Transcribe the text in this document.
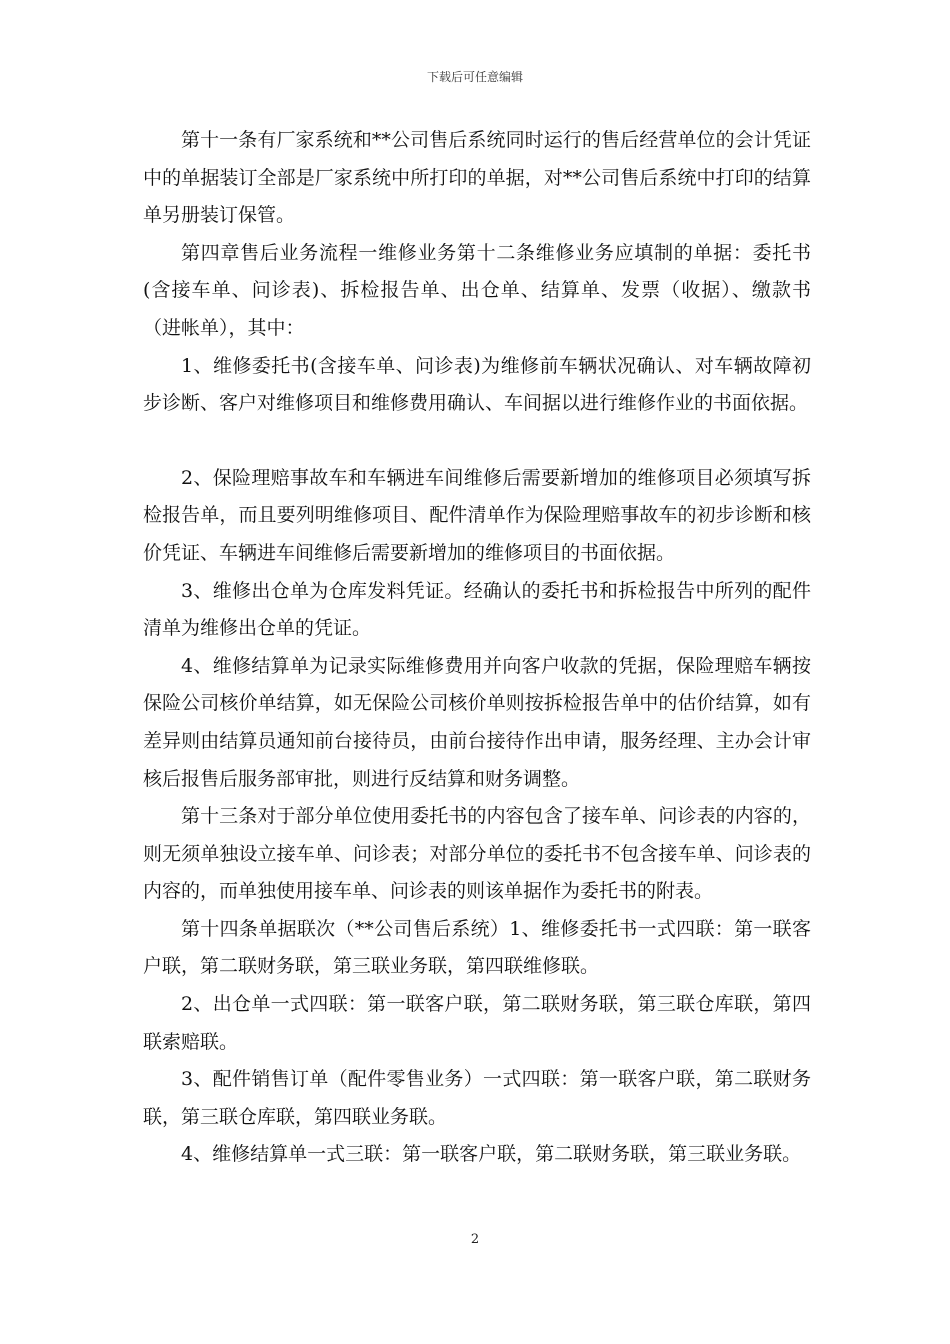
下载后可任意编辑

第十一条有厂家系统和**公司售后系统同时运行的售后经营单位的会计凭证中的单据装订全部是厂家系统中所打印的单据，对**公司售后系统中打印的结算单另册装订保管。

第四章售后业务流程一维修业务第十二条维修业务应填制的单据：委托书(含接车单、问诊表)、拆检报告单、出仓单、结算单、发票（收据）、缴款书（进帐单），其中：

1、维修委托书(含接车单、问诊表)为维修前车辆状况确认、对车辆故障初步诊断、客户对维修项目和维修费用确认、车间据以进行维修作业的书面依据。

2、保险理赔事故车和车辆进车间维修后需要新增加的维修项目必须填写拆检报告单，而且要列明维修项目、配件清单作为保险理赔事故车的初步诊断和核价凭证、车辆进车间维修后需要新增加的维修项目的书面依据。

3、维修出仓单为仓库发料凭证。经确认的委托书和拆检报告中所列的配件清单为维修出仓单的凭证。

4、维修结算单为记录实际维修费用并向客户收款的凭据，保险理赔车辆按保险公司核价单结算，如无保险公司核价单则按拆检报告单中的估价结算，如有差异则由结算员通知前台接待员，由前台接待作出申请，服务经理、主办会计审核后报售后服务部审批，则进行反结算和财务调整。

第十三条对于部分单位使用委托书的内容包含了接车单、问诊表的内容的，则无须单独设立接车单、问诊表；对部分单位的委托书不包含接车单、问诊表的内容的，而单独使用接车单、问诊表的则该单据作为委托书的附表。

第十四条单据联次（**公司售后系统）1、维修委托书一式四联：第一联客户联，第二联财务联，第三联业务联，第四联维修联。

2、出仓单一式四联：第一联客户联，第二联财务联，第三联仓库联，第四联索赔联。

3、配件销售订单（配件零售业务）一式四联：第一联客户联，第二联财务联，第三联仓库联，第四联业务联。

4、维修结算单一式三联：第一联客户联，第二联财务联，第三联业务联。

2
